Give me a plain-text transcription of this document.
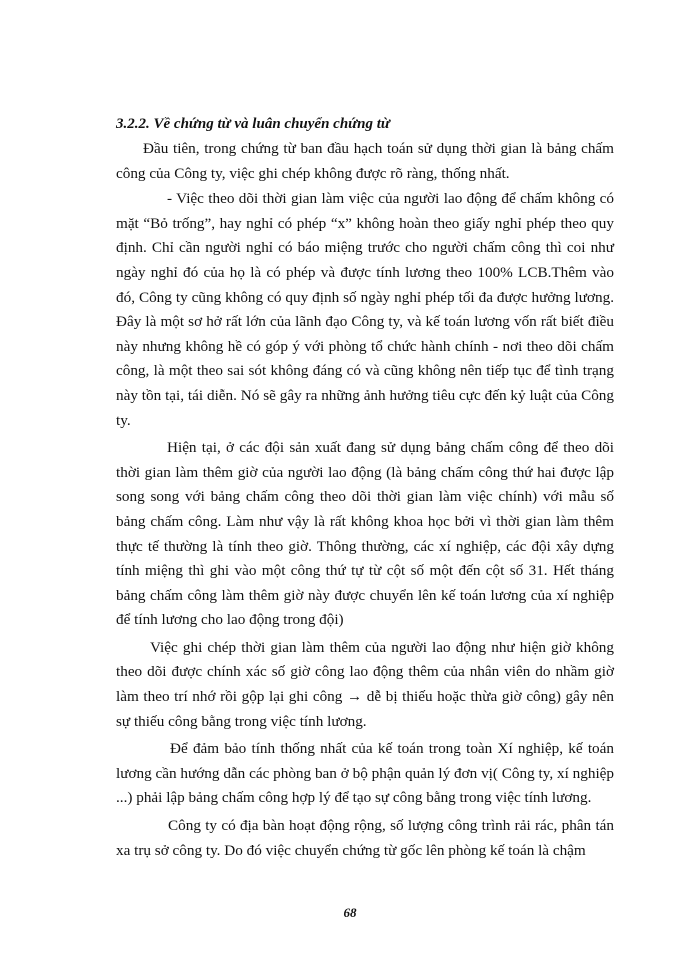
3.2.2. Về chứng từ và luân chuyển chứng từ

Đầu tiên, trong chứng từ ban đầu hạch toán sử dụng thời gian là bảng chấm công của Công ty, việc ghi chép không được rõ ràng, thống nhất.

- Việc theo dõi thời gian làm việc của người lao động để chấm không có mặt “Bỏ trống”, hay nghỉ có phép “x” không hoàn theo giấy nghỉ phép theo quy định. Chỉ cần người nghỉ có báo miệng trước cho người chấm công thì coi như ngày nghỉ đó của họ là có phép và được tính lương theo 100% LCB.Thêm vào đó, Công ty cũng không có quy định số ngày nghỉ phép tối đa được hưởng lương. Đây là một sơ hở rất lớn của lãnh đạo Công ty, và kế toán lương vốn rất biết điều này nhưng không hề có góp ý với phòng tổ chức hành chính - nơi theo dõi chấm công, là một theo sai sót không đáng có và cũng không nên tiếp tục để tình trạng này tồn tại, tái diễn. Nó sẽ gây ra những ảnh hưởng tiêu cực đến kỷ luật của Công ty.

Hiện tại, ở các đội sản xuất đang sử dụng bảng chấm công để theo dõi thời gian làm thêm giờ của người lao động (là bảng chấm công thứ hai được lập song song với bảng chấm công theo dõi thời gian làm việc chính) với mẫu số bảng chấm công. Làm như vậy là rất không khoa học bởi vì thời gian làm thêm thực tế thường là tính theo giờ. Thông thường, các xí nghiệp, các đội xây dựng tính miệng thì ghi vào một công thứ tự từ cột số một đến cột số 31. Hết tháng bảng chấm công làm thêm giờ này được chuyển lên kế toán lương của xí nghiệp để tính lương cho lao động trong đội)

Việc ghi chép thời gian làm thêm của người lao động như hiện giờ không theo dõi được chính xác số giờ công lao động thêm của nhân viên do nhầm giờ làm theo trí nhớ rồi gộp lại ghi công → dễ bị thiếu hoặc thừa giờ công) gây nên sự thiếu công bằng trong việc tính lương.

Để đảm bảo tính thống nhất của kế toán trong toàn Xí nghiệp, kế toán lương cần hướng dẫn các phòng ban ở bộ phận quản lý đơn vị( Công ty, xí nghiệp ...) phải lập bảng chấm công hợp lý để tạo sự công bằng trong việc tính lương.

Công ty có địa bàn hoạt động rộng, số lượng công trình rải rác, phân tán xa trụ sở công ty. Do đó việc chuyển chứng từ gốc lên phòng kế toán là chậm

68
